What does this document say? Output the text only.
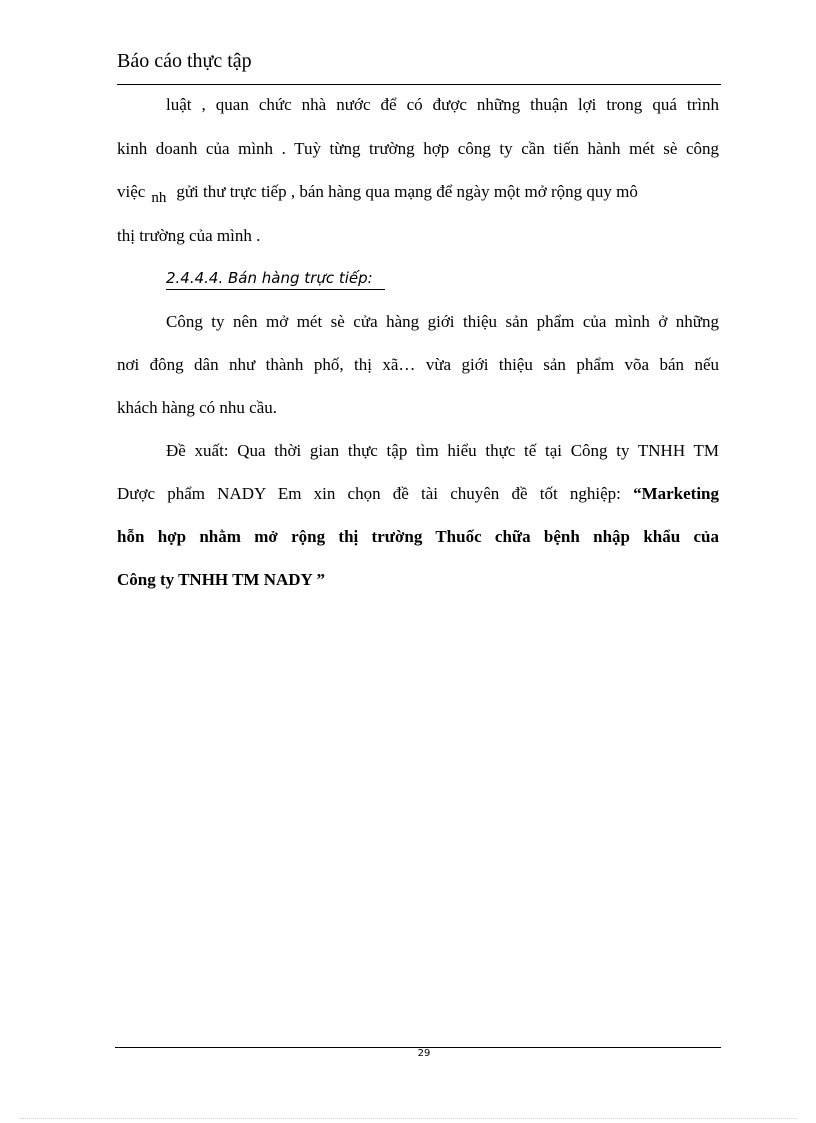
Báo cáo thực tập
luật , quan chức nhà nước để có được những thuận lợi trong quá trình
kinh doanh của mình . Tuỳ từng trường hợp công ty cần tiến hành mét sè công
việc nh gửi thư trực tiếp , bán hàng qua mạng để ngày một mở rộng quy mô
thị trường của mình .
2.4.4.4. Bán hàng trực tiếp:
Công ty nên mở mét sè cửa hàng giới thiệu sản phẩm của mình ở những
nơi đông dân như thành phố, thị xã… vừa giới thiệu sản phẩm võa bán nếu
khách hàng có nhu cầu.
Đề xuất: Qua thời gian thực tập tìm hiểu thực tế tại Công ty TNHH TM
Dược phẩm NADY Em xin chọn đề tài chuyên đề tốt nghiệp: “Marketing
hỗn hợp nhằm mở rộng thị trường Thuốc chữa bệnh nhập khẩu của
Công ty TNHH TM NADY ”
29
